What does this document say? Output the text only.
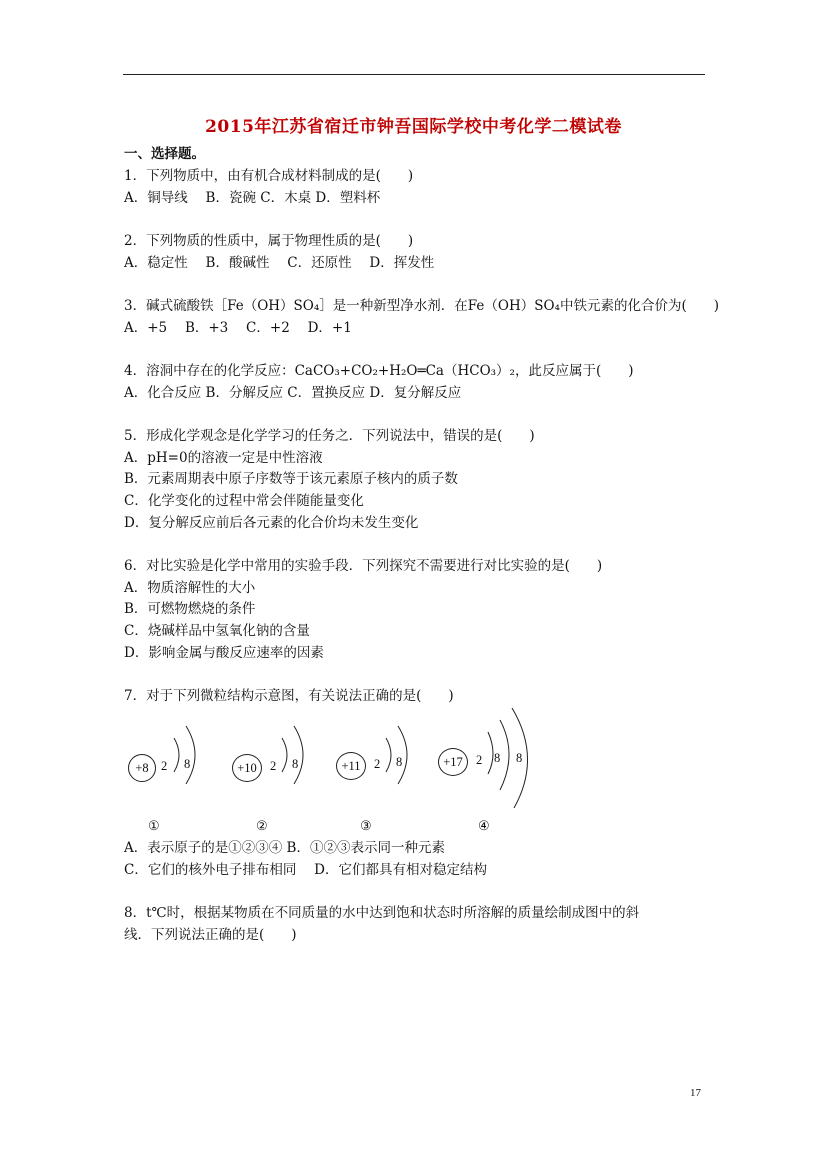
2015年江苏省宿迁市钟吾国际学校中考化学二模试卷
一、选择题。
1．下列物质中，由有机合成材料制成的是(　　)
A．铜导线　 B．瓷碗 C．木桌 D．塑料杯
2．下列物质的性质中，属于物理性质的是(　　)
A．稳定性　 B．酸碱性　 C．还原性　 D．挥发性
3．碱式硫酸铁［Fe（OH）SO₄］是一种新型净水剂．在Fe（OH）SO₄中铁元素的化合价为(　　)
A．+5　 B．+3　 C．+2　 D．+1
4．溶洞中存在的化学反应：CaCO₃+CO₂+H₂O═Ca（HCO₃）₂，此反应属于(　　)
A．化合反应 B．分解反应 C．置换反应 D．复分解反应
5．形成化学观念是化学学习的任务之．下列说法中，错误的是(　　)
A．pH=0的溶液一定是中性溶液
B．元素周期表中原子序数等于该元素原子核内的质子数
C．化学变化的过程中常会伴随能量变化
D．复分解反应前后各元素的化合价均未发生变化
6．对比实验是化学中常用的实验手段．下列探究不需要进行对比实验的是(　　)
A．物质溶解性的大小
B．可燃物燃烧的条件
C．烧碱样品中氢氧化钠的含量
D．影响金属与酸反应速率的因素
7．对于下列微粒结构示意图，有关说法正确的是(　　)
+8 2 8
①
+10	2 8
②
+11	2 8
③
+17	2 8 8
④
A．表示原子的是①②③④ B．①②③表示同一种元素
C．它们的核外电子排布相同　 D．它们都具有相对稳定结构
8．t℃时，根据某物质在不同质量的水中达到饱和状态时所溶解的质量绘制成图中的斜
线．下列说法正确的是(　　)
17
